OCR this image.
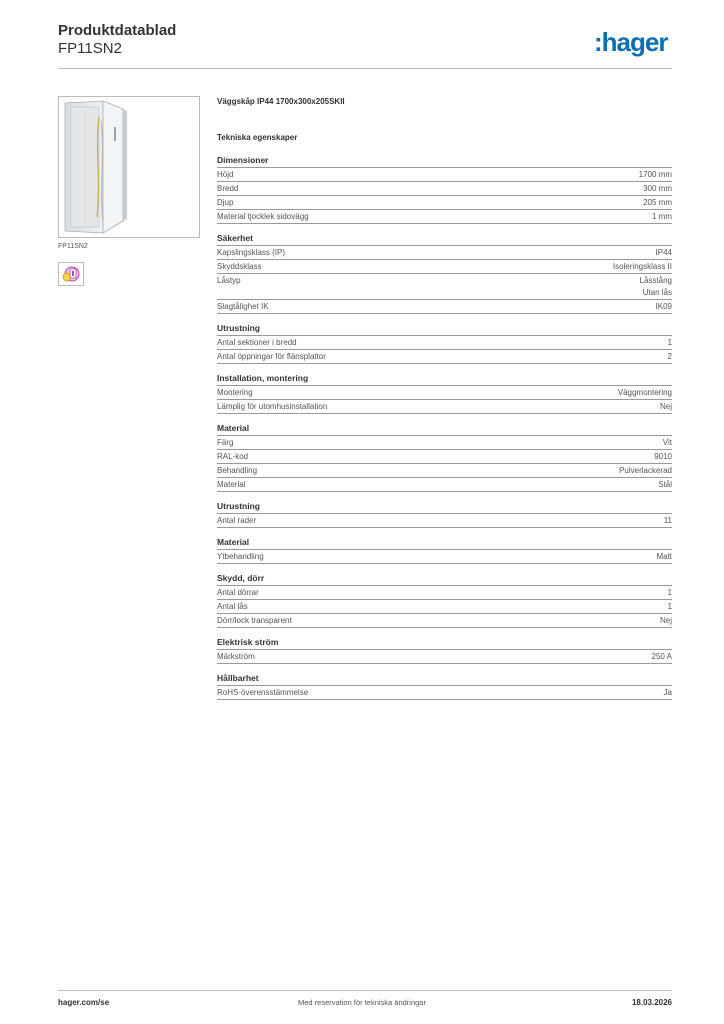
Produktdatablad
FP11SN2	:hager
FP11SN2
Väggskåp IP44 1700x300x205SKII
Tekniska egenskaper
Dimensioner
Höjd	1700 mm
Bredd	300 mm
Djup	205 mm
Material tjocklek sidovägg	1 mm
Säkerhet
Kapslingsklass (IP)	IP44
Skyddsklass	Isoleringsklass II
Låstyp	Låsstång
Utan lås
Slagtålighet IK	IK09
Utrustning
Antal sektioner i bredd	1
Antal öppningar för flänsplattor	2
Installation, montering
Montering	Väggmontering
Lämplig för utomhusinstallation	Nej
Material
Färg	Vit
RAL-kod	9010
Behandling	Pulverlackerad
Material	Stål
Utrustning
Antal rader	11
Material
Ytbehandling	Matt
Skydd, dörr
Antal dörrar	1
Antal lås	1
Dörr/lock transparent	Nej
Elektrisk ström
Märkström	250 A
Hållbarhet
RoHS-överensstämmelse	Ja
hager.com/se	Med reservation för tekniska ändringar	18.03.2026
